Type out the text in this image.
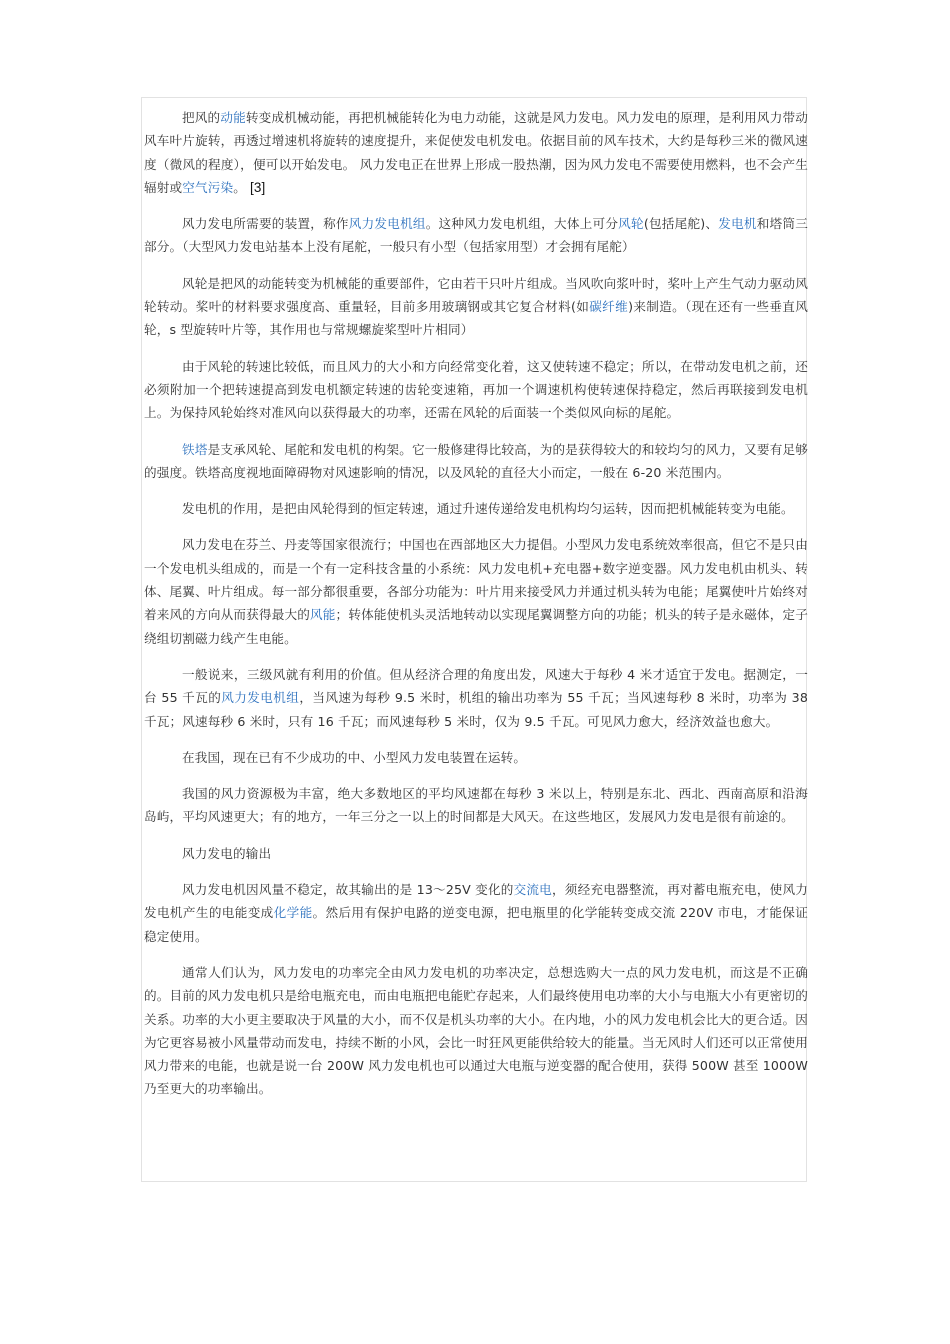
把风的动能转变成机械动能，再把机械能转化为电力动能，这就是风力发电。风力发电的原理，是利用风力带动风车叶片旋转，再透过增速机将旋转的速度提升，来促使发电机发电。依据目前的风车技术，大约是每秒三米的微风速度（微风的程度），便可以开始发电。 风力发电正在世界上形成一股热潮，因为风力发电不需要使用燃料，也不会产生辐射或空气污染。 [3]

风力发电所需要的装置，称作风力发电机组。这种风力发电机组，大体上可分风轮(包括尾舵)、发电机和塔筒三部分。（大型风力发电站基本上没有尾舵，一般只有小型（包括家用型）才会拥有尾舵）

风轮是把风的动能转变为机械能的重要部件，它由若干只叶片组成。当风吹向浆叶时，桨叶上产生气动力驱动风轮转动。桨叶的材料要求强度高、重量轻，目前多用玻璃钢或其它复合材料(如碳纤维)来制造。（现在还有一些垂直风轮，s 型旋转叶片等，其作用也与常规螺旋桨型叶片相同）

由于风轮的转速比较低，而且风力的大小和方向经常变化着，这又使转速不稳定；所以，在带动发电机之前，还必须附加一个把转速提高到发电机额定转速的齿轮变速箱，再加一个调速机构使转速保持稳定，然后再联接到发电机上。为保持风轮始终对准风向以获得最大的功率，还需在风轮的后面装一个类似风向标的尾舵。

铁塔是支承风轮、尾舵和发电机的构架。它一般修建得比较高，为的是获得较大的和较均匀的风力，又要有足够的强度。铁塔高度视地面障碍物对风速影响的情况，以及风轮的直径大小而定，一般在 6-20 米范围内。

发电机的作用，是把由风轮得到的恒定转速，通过升速传递给发电机构均匀运转，因而把机械能转变为电能。

风力发电在芬兰、丹麦等国家很流行；中国也在西部地区大力提倡。小型风力发电系统效率很高，但它不是只由一个发电机头组成的，而是一个有一定科技含量的小系统：风力发电机+充电器+数字逆变器。风力发电机由机头、转体、尾翼、叶片组成。每一部分都很重要，各部分功能为：叶片用来接受风力并通过机头转为电能；尾翼使叶片始终对着来风的方向从而获得最大的风能；转体能使机头灵活地转动以实现尾翼调整方向的功能；机头的转子是永磁体，定子绕组切割磁力线产生电能。

一般说来，三级风就有利用的价值。但从经济合理的角度出发，风速大于每秒 4 米才适宜于发电。据测定，一台 55 千瓦的风力发电机组，当风速为每秒 9.5 米时，机组的输出功率为 55 千瓦；当风速每秒 8 米时，功率为 38 千瓦；风速每秒 6 米时，只有 16 千瓦；而风速每秒 5 米时，仅为 9.5 千瓦。可见风力愈大，经济效益也愈大。

在我国，现在已有不少成功的中、小型风力发电装置在运转。

我国的风力资源极为丰富，绝大多数地区的平均风速都在每秒 3 米以上，特别是东北、西北、西南高原和沿海岛屿，平均风速更大；有的地方，一年三分之一以上的时间都是大风天。在这些地区，发展风力发电是很有前途的。

风力发电的输出

风力发电机因风量不稳定，故其输出的是 13～25V 变化的交流电，须经充电器整流，再对蓄电瓶充电，使风力发电机产生的电能变成化学能。然后用有保护电路的逆变电源，把电瓶里的化学能转变成交流 220V 市电，才能保证稳定使用。

通常人们认为，风力发电的功率完全由风力发电机的功率决定，总想选购大一点的风力发电机，而这是不正确的。目前的风力发电机只是给电瓶充电，而由电瓶把电能贮存起来，人们最终使用电功率的大小与电瓶大小有更密切的关系。功率的大小更主要取决于风量的大小，而不仅是机头功率的大小。在内地，小的风力发电机会比大的更合适。因为它更容易被小风量带动而发电，持续不断的小风，会比一时狂风更能供给较大的能量。当无风时人们还可以正常使用风力带来的电能，也就是说一台 200W 风力发电机也可以通过大电瓶与逆变器的配合使用，获得 500W 甚至 1000W 乃至更大的功率输出。
